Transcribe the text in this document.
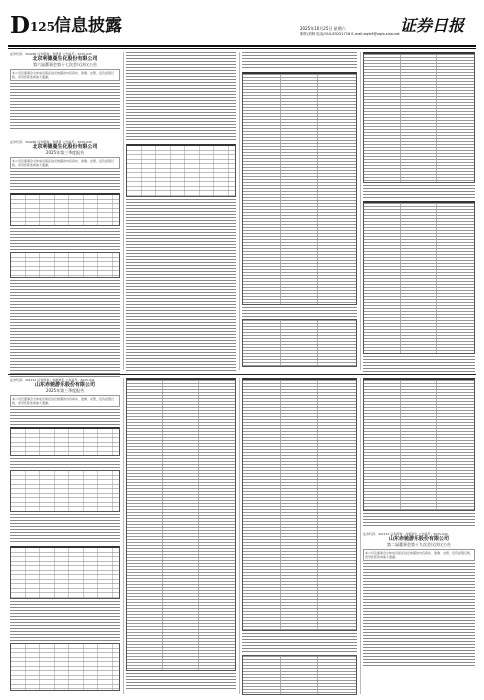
D125
信息披露	2025年10月25日 星期六
制作/刘帅 电话/010-83251716 E-mail:zqrb9@zqrb.sina.net 证券日报
证券代码：300289 证券简称：利德曼 公告编号：2025-045
北京利德曼生化股份有限公司
第六届董事会第十七次会议决议公告
本公司及董事会全体成员保证信息披露的内容真实、准确、完整，没有虚假记载、误导性陈述或重大遗漏。
证券代码：300289 证券简称：利德曼 公告编号：2025-046
北京利德曼生化股份有限公司
2025年第三季度报告
本公司及董事会全体成员保证信息披露的内容真实、准确、完整，没有虚假记载、误导性陈述或重大遗漏。
证券代码：301151 证券简称：赤驰游乐 公告编号：2025-041
山东赤驰游乐股份有限公司
2025年第三季度报告
本公司及董事会全体成员保证信息披露的内容真实、准确、完整，没有虚假记载、误导性陈述或重大遗漏。
证券代码：301151 证券简称：赤驰游乐 公告编号：2025-042
山东赤驰游乐股份有限公司
第二届董事会第十九次会议决议公告
本公司及董事会全体成员保证信息披露的内容真实、准确、完整，没有虚假记载、误导性陈述或重大遗漏。
